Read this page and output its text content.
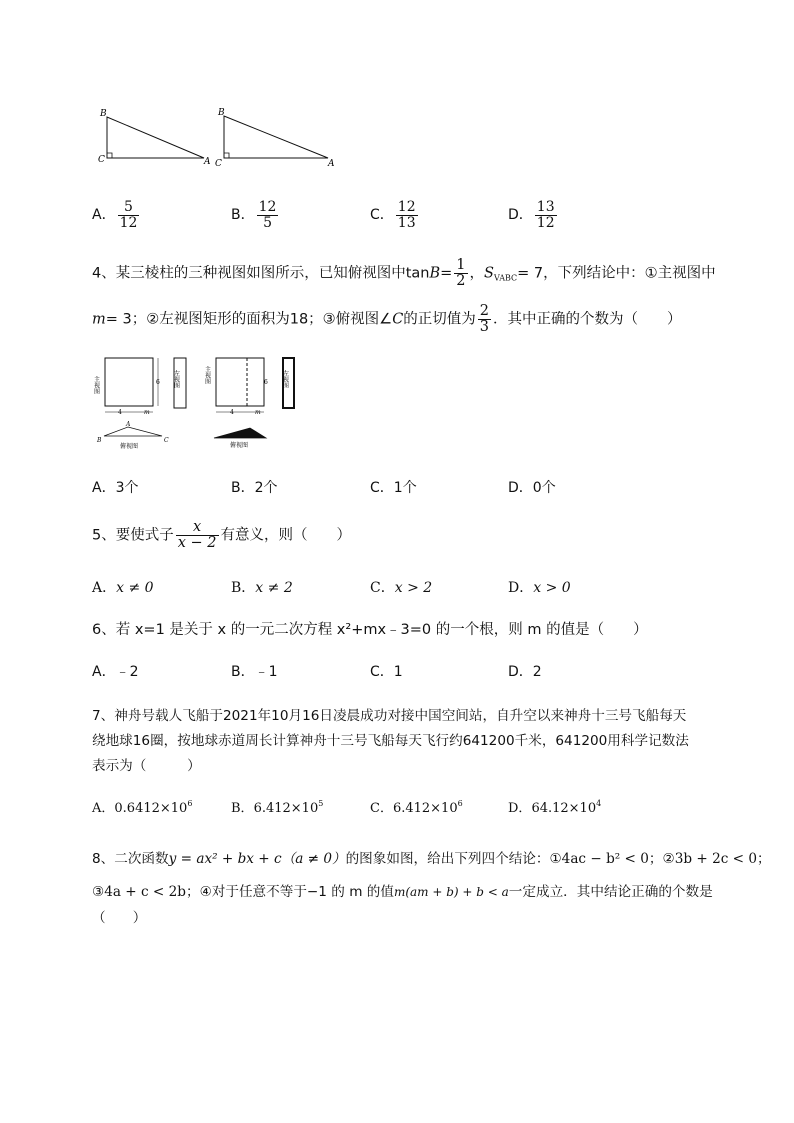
B
C	A
B
C	A
A． $\frac{5}{12}$	B． $\frac{12}{5}$	C． $\frac{12}{13}$	D． $\frac{13}{12}$
4、某三棱柱的三种视图如图所示，已知俯视图中$\tan B= \frac{1}{2}$ ，$S_{VABC}= 7$，下列结论中：①主视图中
m= 3；②左视图矩形的面积为18；③俯视图∠C的正切值为 $\frac{2}{3}$ ．其中正确的个数为（　　）
主视图	6
4	m
A
B	C
俯视图
左视图	主视图	6
4	m
俯视图
左视图
A．3个	B．2个	C．1个	D．0个
5、要使式子 $\frac{x}{x - 2}$ 有意义，则（　　）
A．x ≠ 0	B．x ≠ 2	C．x > 2	D．x > 0
6、若 x=1 是关于 x 的一元二次方程 x²+mx﹣3=0 的一个根，则 m 的值是（　　）
A．﹣2	B．﹣1	C．1	D．2
7、神舟号载人飞船于2021年10月16日凌晨成功对接中国空间站，自升空以来神舟十三号飞船每天
绕地球16圈，按地球赤道周长计算神舟十三号飞船每天飞行约641200千米，641200用科学记数法
表示为（　　　）
A．$0.6412\times 10^6$	B．$6.412\times 10^5$	C．$6.412\times 10^6$	D．$64.12\times 10^4$
8、二次函数y = ax² + bx + c（a ≠ 0）的图象如图，给出下列四个结论：①4ac − b² < 0；②3b + 2c < 0；
③4a + c < 2b；④对于任意不等于−1 的 m 的值m(am + b) + b < a一定成立．其中结论正确的个数是
（　　）
